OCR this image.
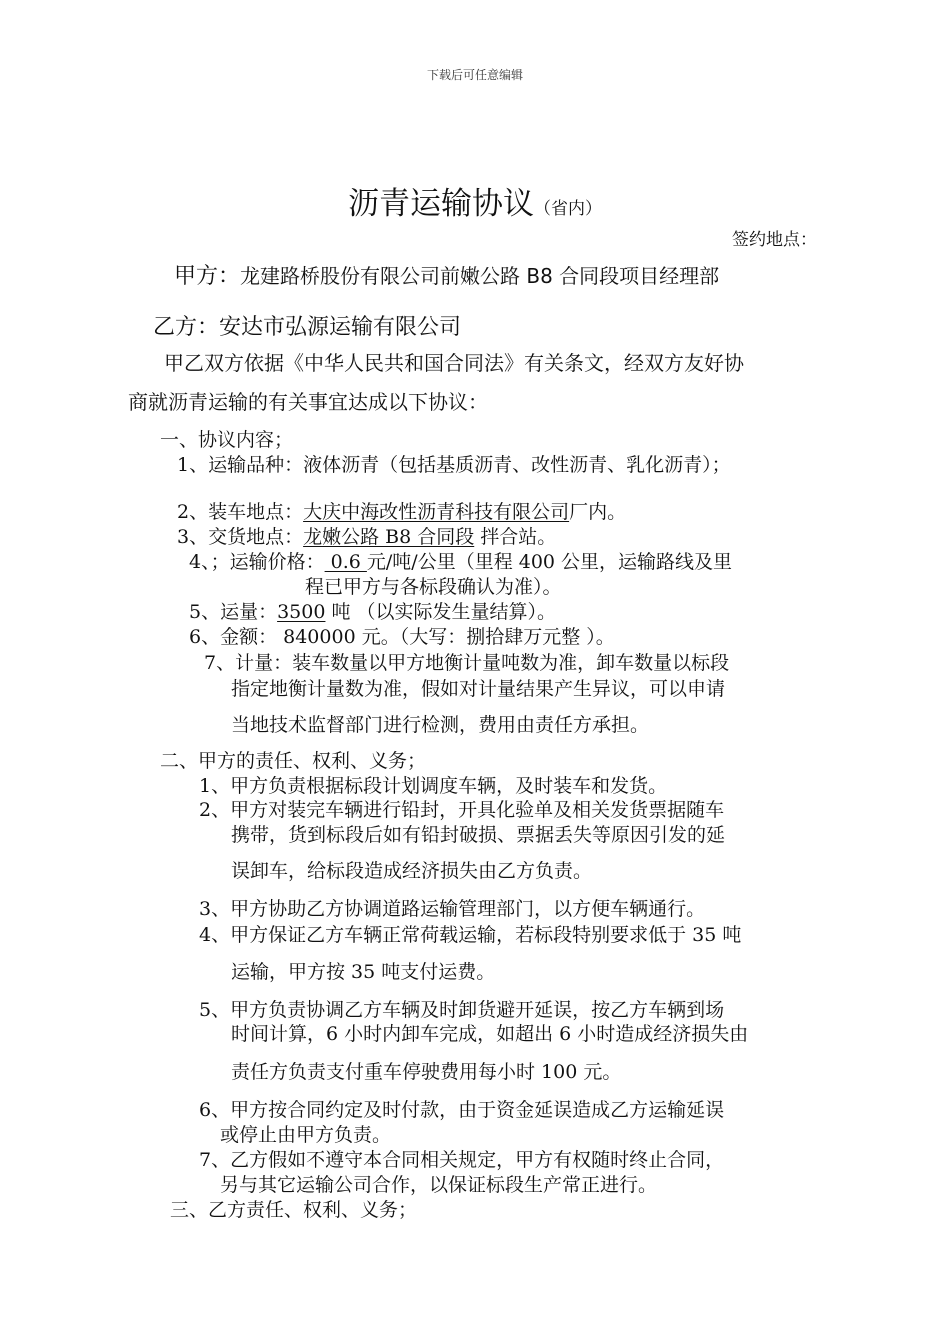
下载后可任意编辑
沥青运输协议（省内）
签约地点：
甲方：龙建路桥股份有限公司前嫩公路 B8 合同段项目经理部
乙方：安达市弘源运输有限公司
甲乙双方依据《中华人民共和国合同法》有关条文，经双方友好协
商就沥青运输的有关事宜达成以下协议：
一、协议内容；
1、运输品种：液体沥青（包括基质沥青、改性沥青、乳化沥青）；
2、装车地点：大庆中海改性沥青科技有限公司厂内。
3、交货地点：龙嫩公路 B8 合同段 拌合站。
4、；运输价格： 0.6 元/吨/公里（里程 400 公里，运输路线及里
程已甲方与各标段确认为准）。
5、运量：3500 吨 （以实际发生量结算）。
6、金额： 840000 元。（大写：捌拾肆万元整 ）。
7、计量：装车数量以甲方地衡计量吨数为准，卸车数量以标段
指定地衡计量数为准，假如对计量结果产生异议，可以申请
当地技术监督部门进行检测，费用由责任方承担。
二、甲方的责任、权利、义务；
1、甲方负责根据标段计划调度车辆，及时装车和发货。
2、甲方对装完车辆进行铅封，开具化验单及相关发货票据随车
携带，货到标段后如有铅封破损、票据丢失等原因引发的延
误卸车，给标段造成经济损失由乙方负责。
3、甲方协助乙方协调道路运输管理部门，以方便车辆通行。
4、甲方保证乙方车辆正常荷载运输，若标段特别要求低于 35 吨
运输，甲方按 35 吨支付运费。
5、甲方负责协调乙方车辆及时卸货避开延误，按乙方车辆到场
时间计算，6 小时内卸车完成，如超出 6 小时造成经济损失由
责任方负责支付重车停驶费用每小时 100 元。
6、甲方按合同约定及时付款，由于资金延误造成乙方运输延误
或停止由甲方负责。
7、乙方假如不遵守本合同相关规定，甲方有权随时终止合同，
另与其它运输公司合作，以保证标段生产常正进行。
三、乙方责任、权利、义务；
